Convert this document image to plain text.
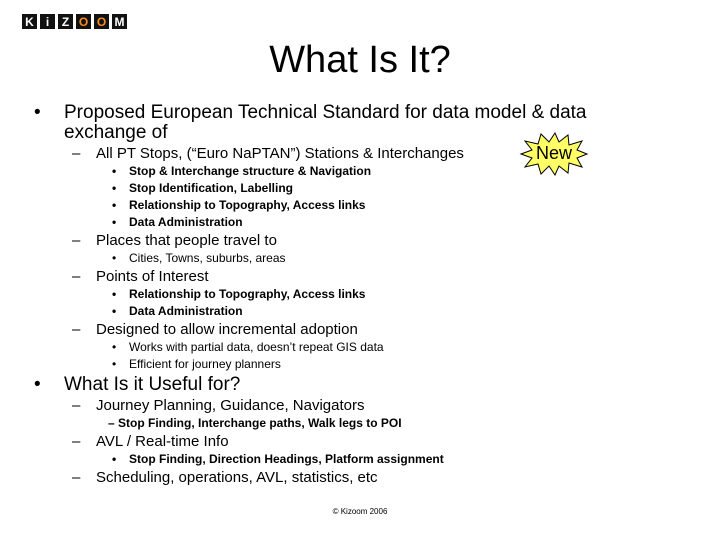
K	i	Z O O M
What Is It?
• Proposed European Technical Standard for data model & data
exchange of
– All PT Stops, (“Euro NaPTAN”) Stations & Interchanges	New
• Stop & Interchange structure & Navigation
• Stop Identification, Labelling
• Relationship to Topography, Access links
• Data Administration
– Places that people travel to
• Cities, Towns, suburbs, areas
– Points of Interest
• Relationship to Topography, Access links
• Data Administration
– Designed to allow incremental adoption
• Works with partial data, doesn’t repeat GIS data
• Efficient for journey planners
• What Is it Useful for?
– Journey Planning, Guidance, Navigators
– Stop Finding, Interchange paths, Walk legs to POI
– AVL / Real-time Info
• Stop Finding, Direction Headings, Platform assignment
– Scheduling, operations, AVL, statistics, etc
© Kizoom 2006
